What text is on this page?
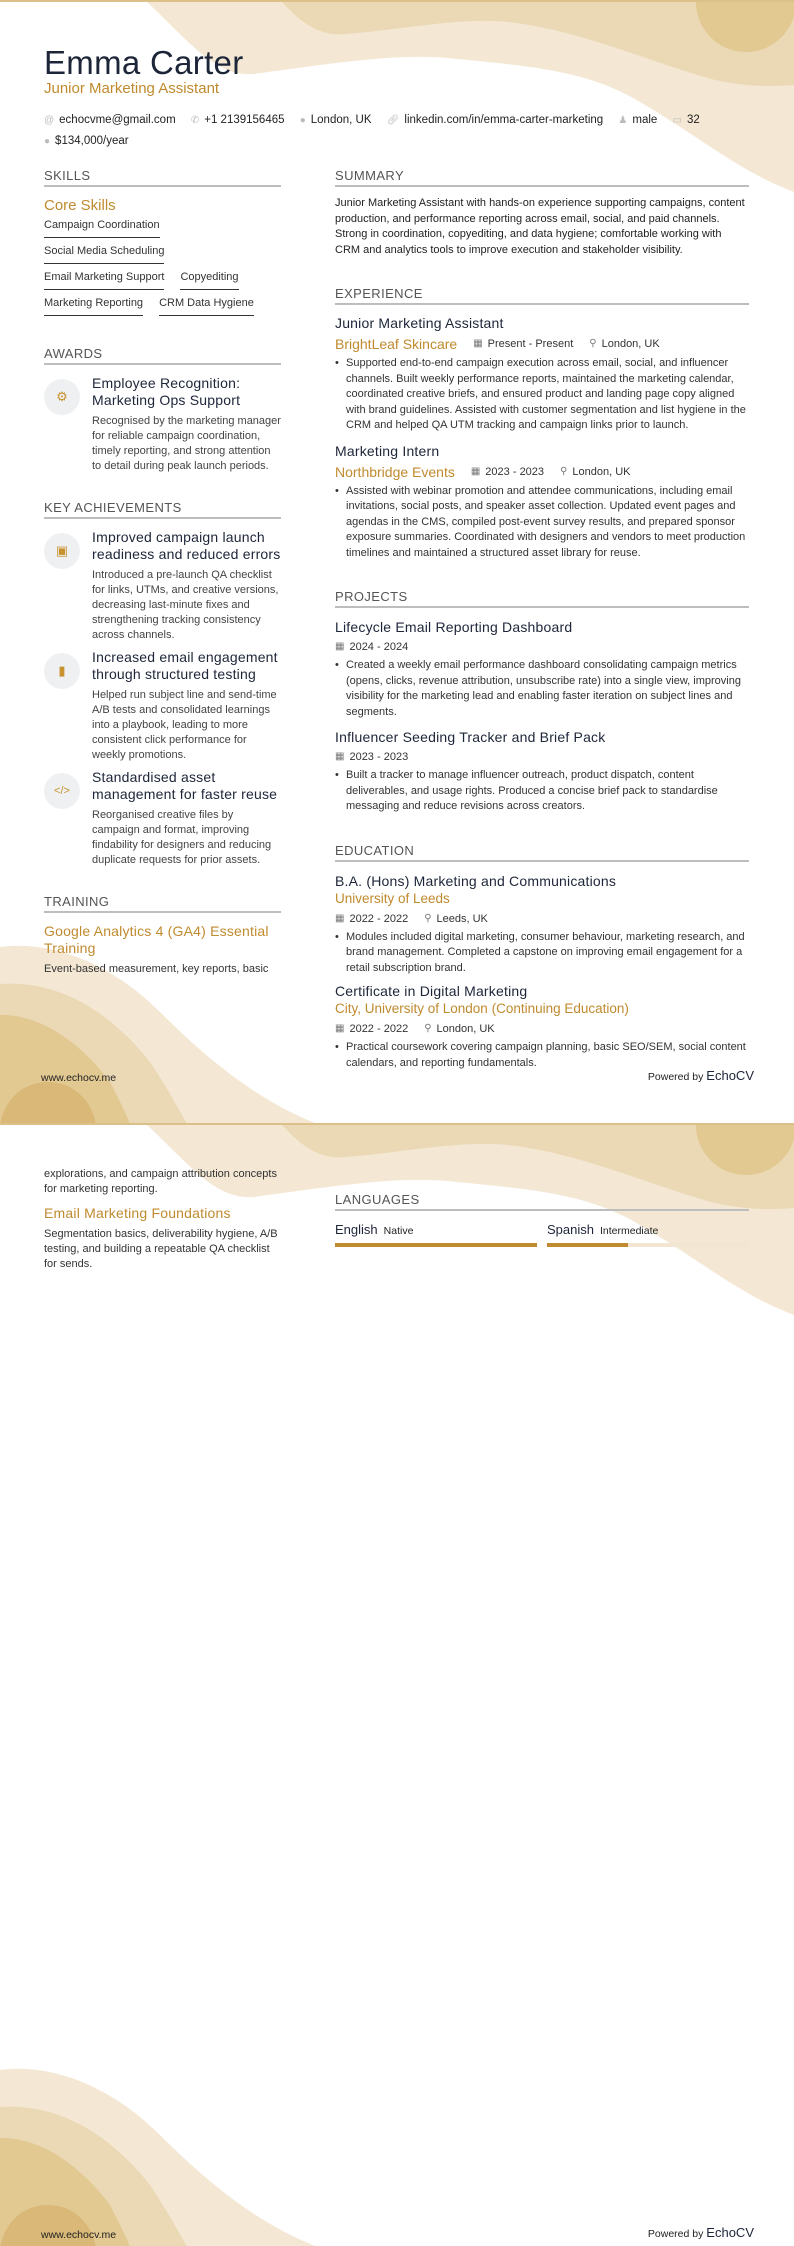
Emma Carter
Junior Marketing Assistant
@ echocvme@gmail.com ✆ +1 2139156465 ● London, UK 🔗︎ linkedin.com/in/emma-carter-marketing ♟ male ▭ 32 ● $134,000/year
SKILLS
Core Skills
Campaign Coordination
Social Media Scheduling
Email Marketing Support Copyediting
Marketing Reporting CRM Data Hygiene
AWARDS
⚙
Employee Recognition: Marketing Ops Support
Recognised by the marketing manager for reliable campaign coordination, timely reporting, and strong attention to detail during peak launch periods.
KEY ACHIEVEMENTS
▣
Improved campaign launch readiness and reduced errors
Introduced a pre-launch QA checklist for links, UTMs, and creative versions, decreasing last-minute fixes and strengthening tracking consistency across channels.
▮
Increased email engagement through structured testing
Helped run subject line and send-time A/B tests and consolidated learnings into a playbook, leading to more consistent click performance for weekly promotions.
</>
Standardised asset management for faster reuse
Reorganised creative files by campaign and format, improving findability for designers and reducing duplicate requests for prior assets.
TRAINING
Google Analytics 4 (GA4) Essential Training
Event-based measurement, key reports, basic
SUMMARY
Junior Marketing Assistant with hands-on experience supporting campaigns, content production, and performance reporting across email, social, and paid channels. Strong in coordination, copyediting, and data hygiene; comfortable working with CRM and analytics tools to improve execution and stakeholder visibility.
EXPERIENCE
Junior Marketing Assistant
BrightLeaf Skincare ▦ Present - Present ⚲ London, UK
• Supported end-to-end campaign execution across email, social, and influencer channels. Built weekly performance reports, maintained the marketing calendar, coordinated creative briefs, and ensured product and landing page copy aligned with brand guidelines. Assisted with customer segmentation and list hygiene in the CRM and helped QA UTM tracking and campaign links prior to launch.
Marketing Intern
Northbridge Events ▦ 2023 - 2023 ⚲ London, UK
• Assisted with webinar promotion and attendee communications, including email invitations, social posts, and speaker asset collection. Updated event pages and agendas in the CMS, compiled post-event survey results, and prepared sponsor exposure summaries. Coordinated with designers and vendors to meet production timelines and maintained a structured asset library for reuse.
PROJECTS
Lifecycle Email Reporting Dashboard
▦ 2024 - 2024
• Created a weekly email performance dashboard consolidating campaign metrics (opens, clicks, revenue attribution, unsubscribe rate) into a single view, improving visibility for the marketing lead and enabling faster iteration on subject lines and segments.
Influencer Seeding Tracker and Brief Pack
▦ 2023 - 2023
• Built a tracker to manage influencer outreach, product dispatch, content deliverables, and usage rights. Produced a concise brief pack to standardise messaging and reduce revisions across creators.
EDUCATION
B.A. (Hons) Marketing and Communications
University of Leeds
▦ 2022 - 2022 ⚲ Leeds, UK
• Modules included digital marketing, consumer behaviour, marketing research, and brand management. Completed a capstone on improving email engagement for a retail subscription brand.
Certificate in Digital Marketing
City, University of London (Continuing Education)
▦ 2022 - 2022 ⚲ London, UK
• Practical coursework covering campaign planning, basic SEO/SEM, social content calendars, and reporting fundamentals.
www.echocv.me	Powered by EchoCV
explorations, and campaign attribution concepts for marketing reporting.
Email Marketing Foundations
Segmentation basics, deliverability hygiene, A/B testing, and building a repeatable QA checklist for sends.
LANGUAGES
English Native	Spanish Intermediate
www.echocv.me	Powered by EchoCV
